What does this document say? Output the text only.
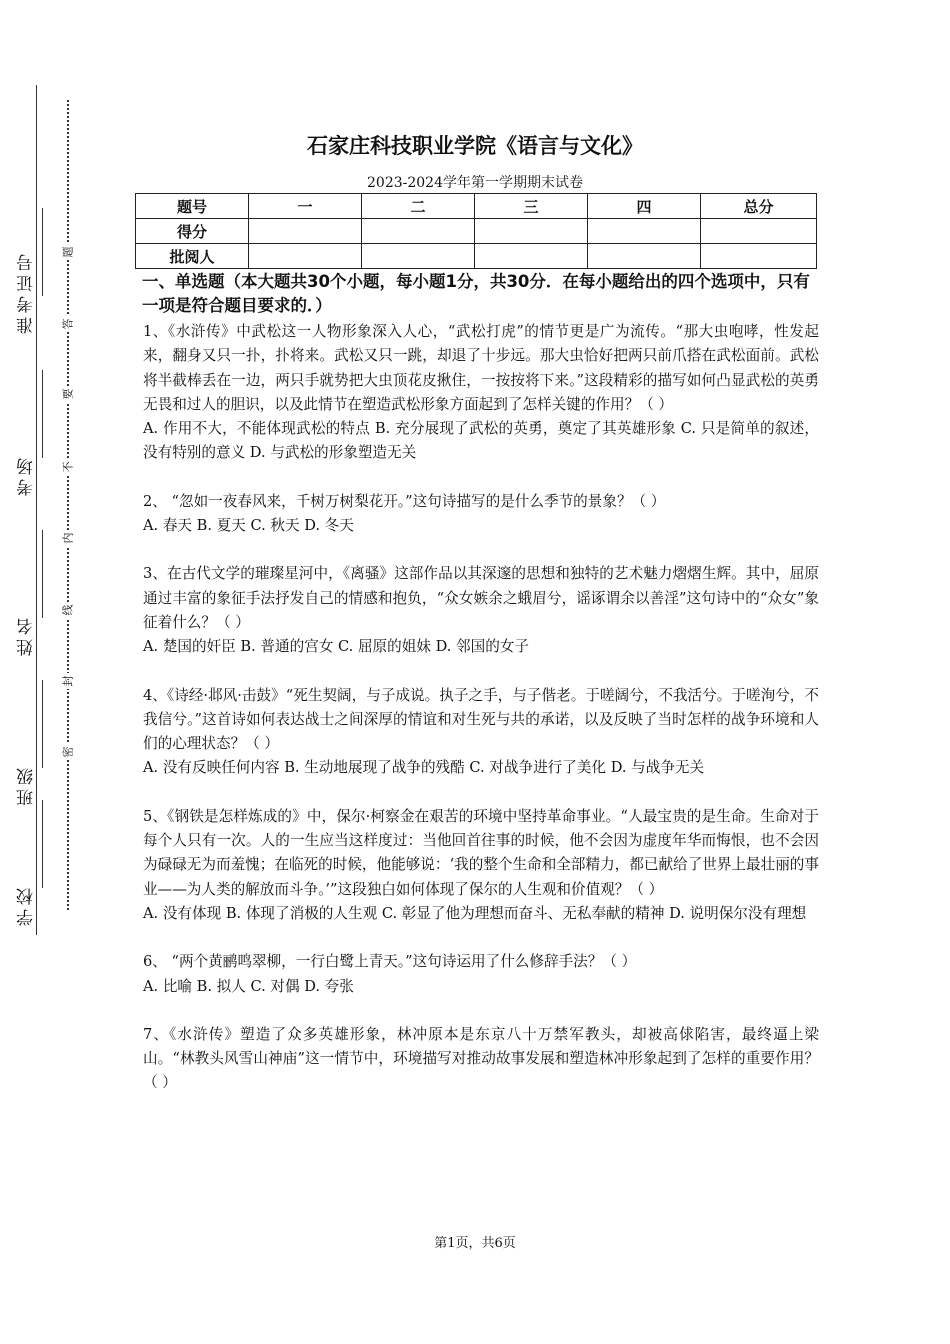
准考证号
考场
姓名
班级
学校
题
答
要
不
内
线
封
密
石家庄科技职业学院《语言与文化》
2023-2024学年第一学期期末试卷
题号	一	二	三	四	总分
得分					
批阅人					
一、单选题（本大题共30个小题，每小题1分，共30分．在每小题给出的四个选项中，只有一项是符合题目要求的．）
1、《水浒传》中武松这一人物形象深入人心，“武松打虎”的情节更是广为流传。“那大虫咆哮，性发起来，翻身又只一扑，扑将来。武松又只一跳，却退了十步远。那大虫恰好把两只前爪搭在武松面前。武松将半截棒丢在一边，两只手就势把大虫顶花皮揪住，一按按将下来。”这段精彩的描写如何凸显武松的英勇无畏和过人的胆识，以及此情节在塑造武松形象方面起到了怎样关键的作用？（ ）
A. 作用不大，不能体现武松的特点 B. 充分展现了武松的英勇，奠定了其英雄形象 C. 只是简单的叙述，没有特别的意义 D. 与武松的形象塑造无关
2、 “忽如一夜春风来，千树万树梨花开。”这句诗描写的是什么季节的景象？（ ）
A. 春天 B. 夏天 C. 秋天 D. 冬天
3、在古代文学的璀璨星河中，《离骚》这部作品以其深邃的思想和独特的艺术魅力熠熠生辉。其中，屈原通过丰富的象征手法抒发自己的情感和抱负，“众女嫉余之蛾眉兮，谣诼谓余以善淫”这句诗中的“众女”象征着什么？（ ）
A. 楚国的奸臣 B. 普通的宫女 C. 屈原的姐妹 D. 邻国的女子
4、《诗经·邶风·击鼓》“死生契阔，与子成说。执子之手，与子偕老。于嗟阔兮，不我活兮。于嗟洵兮，不我信兮。”这首诗如何表达战士之间深厚的情谊和对生死与共的承诺，以及反映了当时怎样的战争环境和人们的心理状态？（ ）
A. 没有反映任何内容 B. 生动地展现了战争的残酷 C. 对战争进行了美化 D. 与战争无关
5、《钢铁是怎样炼成的》中，保尔·柯察金在艰苦的环境中坚持革命事业。“人最宝贵的是生命。生命对于每个人只有一次。人的一生应当这样度过：当他回首往事的时候，他不会因为虚度年华而悔恨，也不会因为碌碌无为而羞愧；在临死的时候，他能够说：‘我的整个生命和全部精力，都已献给了世界上最壮丽的事业——为人类的解放而斗争。’”这段独白如何体现了保尔的人生观和价值观？（ ）
A. 没有体现 B. 体现了消极的人生观 C. 彰显了他为理想而奋斗、无私奉献的精神 D. 说明保尔没有理想
6、 “两个黄鹂鸣翠柳，一行白鹭上青天。”这句诗运用了什么修辞手法？（ ）
A. 比喻 B. 拟人 C. 对偶 D. 夸张
7、《水浒传》塑造了众多英雄形象，林冲原本是东京八十万禁军教头，却被高俅陷害，最终逼上梁山。“林教头风雪山神庙”这一情节中，环境描写对推动故事发展和塑造林冲形象起到了怎样的重要作用？（ ）
第1页，共6页
